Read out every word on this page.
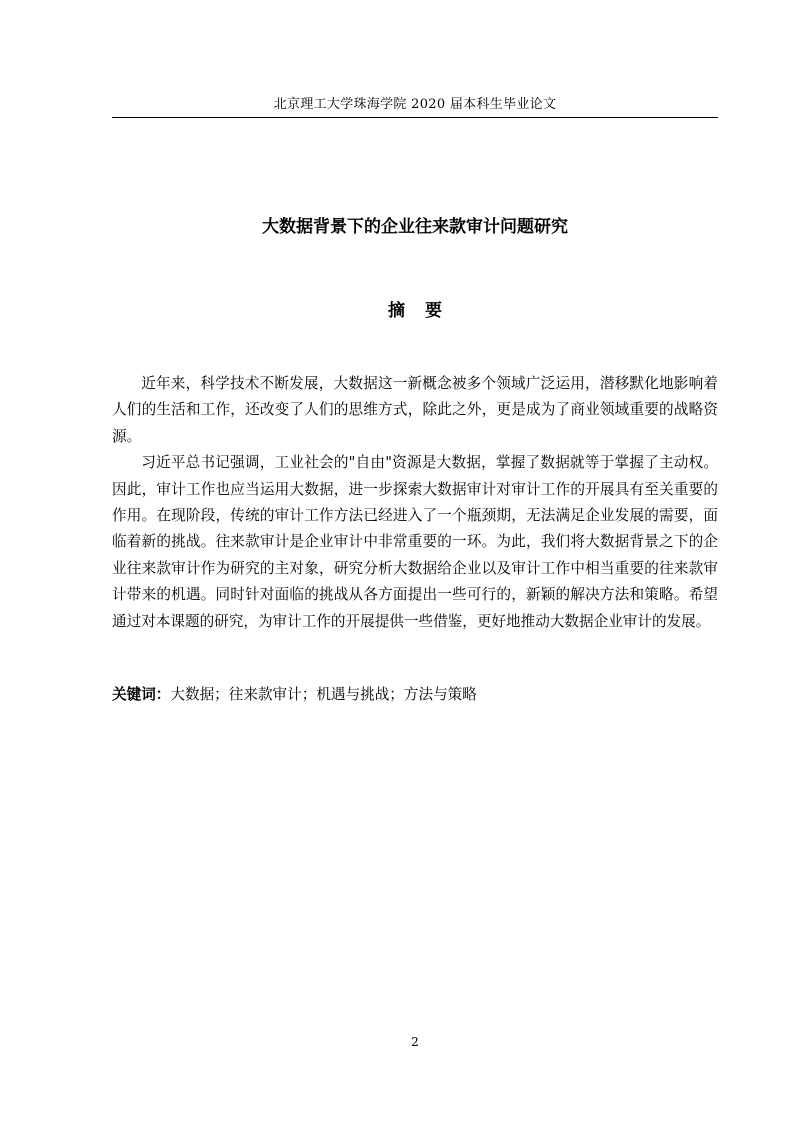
北京理工大学珠海学院 2020 届本科生毕业论文
大数据背景下的企业往来款审计问题研究
摘要

近年来，科学技术不断发展，大数据这一新概念被多个领域广泛运用，潜移默化地影响着人们的生活和工作，还改变了人们的思维方式，除此之外，更是成为了商业领域重要的战略资源。

习近平总书记强调，工业社会的"自由"资源是大数据，掌握了数据就等于掌握了主动权。因此，审计工作也应当运用大数据，进一步探索大数据审计对审计工作的开展具有至关重要的作用。在现阶段，传统的审计工作方法已经进入了一个瓶颈期，无法满足企业发展的需要，面临着新的挑战。往来款审计是企业审计中非常重要的一环。为此，我们将大数据背景之下的企业往来款审计作为研究的主对象，研究分析大数据给企业以及审计工作中相当重要的往来款审计带来的机遇。同时针对面临的挑战从各方面提出一些可行的，新颖的解决方法和策略。希望通过对本课题的研究，为审计工作的开展提供一些借鉴，更好地推动大数据企业审计的发展。

关键词：大数据；往来款审计；机遇与挑战；方法与策略
2
